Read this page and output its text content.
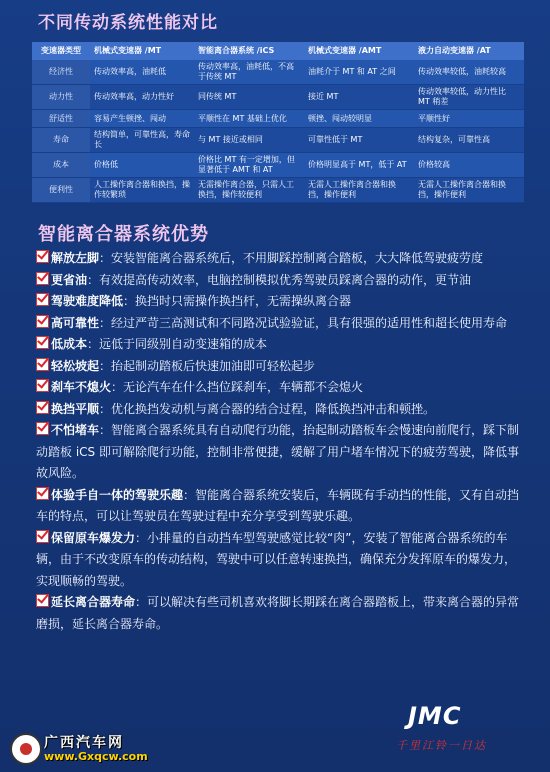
不同传动系统性能对比
变速器类型	机械式变速器 /MT	智能离合器系统 /iCS	机械式变速器 /AMT	液力自动变速器 /AT
经济性	传动效率高，油耗低	传动效率高，油耗低，不高于传统 MT	油耗介于 MT 和 AT 之间	传动效率较低，油耗较高
动力性	传动效率高，动力性好	同传统 MT	接近 MT	传动效率较低，动力性比 MT 稍差
舒适性	容易产生顿挫、闯动	平顺性在 MT 基础上优化	顿挫、闯动较明显	平顺性好
寿命	结构简单，可靠性高，寿命长	与 MT 接近或相同	可靠性低于 MT	结构复杂，可靠性高
成本	价格低	价格比 MT 有一定增加，但显著低于 AMT 和 AT	价格明显高于 MT，低于 AT	价格较高
便利性	人工操作离合器和换挡，操作较繁琐	无需操作离合器，只需人工换挡，操作较便利	无需人工操作离合器和换挡，操作便利	无需人工操作离合器和换挡，操作便利
智能离合器系统优势

解放左脚：安装智能离合器系统后，不用脚踩控制离合踏板，大大降低驾驶疲劳度

更省油：有效提高传动效率，电脑控制模拟优秀驾驶员踩离合器的动作，更节油

驾驶难度降低：换挡时只需操作换挡杆，无需操纵离合器

高可靠性：经过严苛三高测试和不同路况试验验证，具有很强的适用性和超长使用寿命

低成本：远低于同级别自动变速箱的成本

轻松坡起：抬起制动踏板后快速加油即可轻松起步

刹车不熄火：无论汽车在什么挡位踩刹车，车辆都不会熄火

换挡平顺：优化换挡发动机与离合器的结合过程，降低换挡冲击和顿挫。

不怕堵车：智能离合器系统具有自动爬行功能，抬起制动踏板车会慢速向前爬行，踩下制动踏板 iCS 即可解除爬行功能，控制非常便捷，缓解了用户堵车情况下的疲劳驾驶，降低事故风险。

体验手自一体的驾驶乐趣：智能离合器系统安装后，车辆既有手动挡的性能，又有自动挡车的特点，可以让驾驶员在驾驶过程中充分享受到驾驶乐趣。

保留原车爆发力：小排量的自动挡车型驾驶感觉比较“肉”，安装了智能离合器系统的车辆，由于不改变原车的传动结构，驾驶中可以任意转速换挡，确保充分发挥原车的爆发力，实现顺畅的驾驶。

延长离合器寿命：可以解决有些司机喜欢将脚长期踩在离合器踏板上，带来离合器的异常磨损，延长离合器寿命。

JMC
千里江铃一日达
广西汽车网
www.Gxqcw.com
